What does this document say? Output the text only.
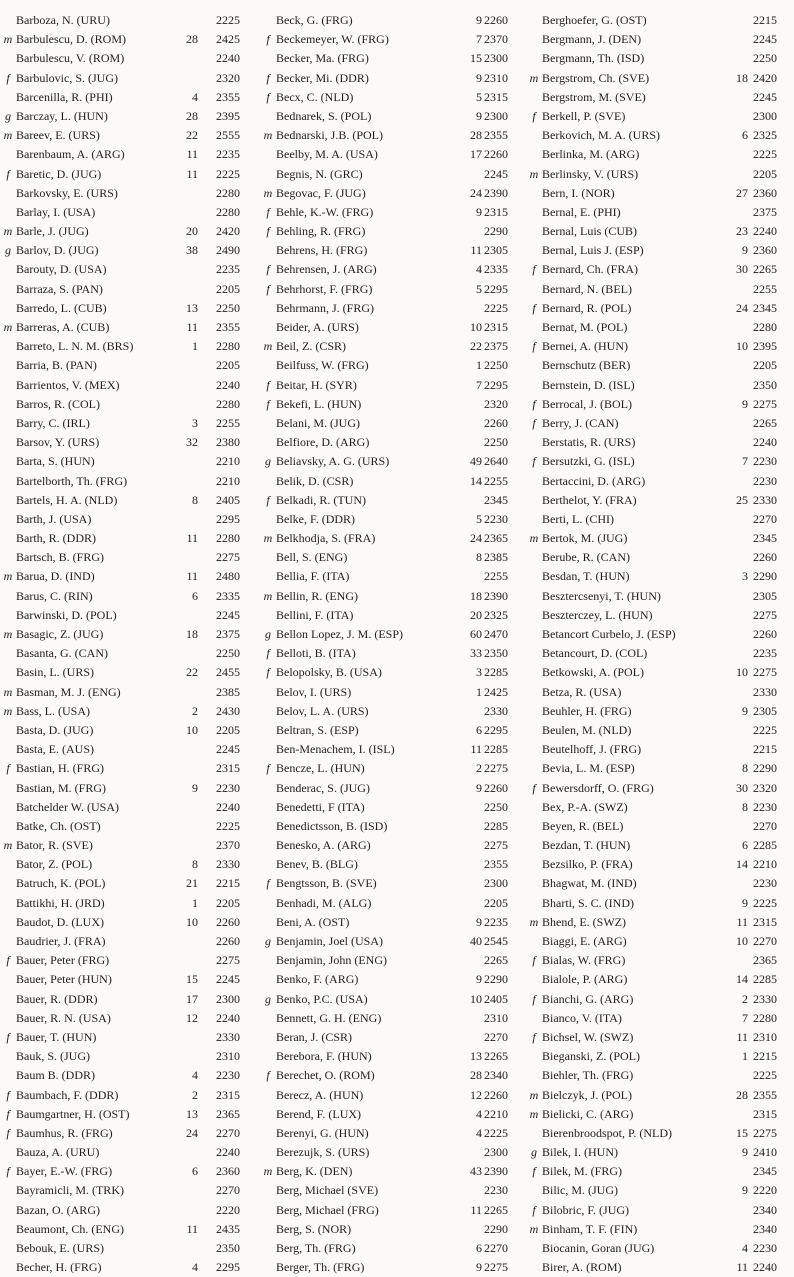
Barboza, N. (URU)	2225
m Barbulescu, D. (ROM)	28 2425
Barbulescu, V. (ROM)	2240
f Barbulovic, S. (JUG)	2320
Barcenilla, R. (PHI)	4 2355
g Barczay, L. (HUN)	28 2395
m Bareev, E. (URS)	22 2555
Barenbaum, A. (ARG)	11 2235
f Baretic, D. (JUG)	11 2225
Barkovsky, E. (URS)	2280
Barlay, I. (USA)	2280
m Barle, J. (JUG)	20 2420
g Barlov, D. (JUG)	38 2490
Barouty, D. (USA)	2235
Barraza, S. (PAN)	2205
Barredo, L. (CUB)	13 2250
m Barreras, A. (CUB)	11 2355
Barreto, L. N. M. (BRS)	1 2280
Barria, B. (PAN)	2205
Barrientos, V. (MEX)	2240
Barros, R. (COL)	2280
Barry, C. (IRL)	3 2255
Barsov, Y. (URS)	32 2380
Barta, S. (HUN)	2210
Bartelborth, Th. (FRG)	2210
Bartels, H. A. (NLD)	8 2405
Barth, J. (USA)	2295
Barth, R. (DDR)	11 2280
Bartsch, B. (FRG)	2275
m Barua, D. (IND)	11 2480
Barus, C. (RIN)	6 2335
Barwinski, D. (POL)	2245
m Basagic, Z. (JUG)	18 2375
Basanta, G. (CAN)	2250
Basin, L. (URS)	22 2455
m Basman, M. J. (ENG)	2385
m Bass, L. (USA)	2 2430
Basta, D. (JUG)	10 2205
Basta, E. (AUS)	2245
f Bastian, H. (FRG)	2315
Bastian, M. (FRG)	9 2230
Batchelder W. (USA)	2240
Batke, Ch. (OST)	2225
m Bator, R. (SVE)	2370
Bator, Z. (POL)	8 2330
Batruch, K. (POL)	21 2215
Battikhi, H. (JRD)	1 2205
Baudot, D. (LUX)	10 2260
Baudrier, J. (FRA)	2260
f Bauer, Peter (FRG)	2275
Bauer, Peter (HUN)	15 2245
Bauer, R. (DDR)	17 2300
Bauer, R. N. (USA)	12 2240
f Bauer, T. (HUN)	2330
Bauk, S. (JUG)	2310
Baum B. (DDR)	4 2230
f Baumbach, F. (DDR)	2 2315
f Baumgartner, H. (OST)	13 2365
f Baumhus, R. (FRG)	24 2270
Bauza, A. (URU)	2240
f Bayer, E.-W. (FRG)	6 2360
Bayramicli, M. (TRK)	2270
Bazan, O. (ARG)	2220
Beaumont, Ch. (ENG)	11 2435
Bebouk, E. (URS)	2350
Becher, H. (FRG)	4 2295
Beck, G. (FRG)	9 2260
f Beckemeyer, W. (FRG)	7 2370
Becker, Ma. (FRG)	15 2300
f Becker, Mi. (DDR)	9 2310
f Becx, C. (NLD)	5 2315
Bednarek, S. (POL)	9 2300
m Bednarski, J.B. (POL)	28 2355
Beelby, M. A. (USA)	17 2260
Begnis, N. (GRC)	2245
m Begovac, F. (JUG)	24 2390
f Behle, K.-W. (FRG)	9 2315
f Behling, R. (FRG)	2290
Behrens, H. (FRG)	11 2305
f Behrensen, J. (ARG)	4 2335
f Behrhorst, F. (FRG)	5 2295
Behrmann, J. (FRG)	2225
Beider, A. (URS)	10 2315
m Beil, Z. (CSR)	22 2375
Beilfuss, W. (FRG)	1 2250
f Beitar, H. (SYR)	7 2295
f Bekefi, L. (HUN)	2320
Belani, M. (JUG)	2260
Belfiore, D. (ARG)	2250
g Beliavsky, A. G. (URS)	49 2640
Belik, D. (CSR)	14 2255
f Belkadi, R. (TUN)	2345
Belke, F. (DDR)	5 2230
m Belkhodja, S. (FRA)	24 2365
Bell, S. (ENG)	8 2385
Bellia, F. (ITA)	2255
m Bellin, R. (ENG)	18 2390
Bellini, F. (ITA)	20 2325
g Bellon Lopez, J. M. (ESP)	60 2470
f Belloti, B. (ITA)	33 2350
f Belopolsky, B. (USA)	3 2285
Belov, I. (URS)	1 2425
Belov, L. A. (URS)	2330
Beltran, S. (ESP)	6 2295
Ben-Menachem, I. (ISL)	11 2285
f Bencze, L. (HUN)	2 2275
Benderac, S. (JUG)	9 2260
Benedetti, F (ITA)	2250
Benedictsson, B. (ISD)	2285
Benesko, A. (ARG)	2275
Benev, B. (BLG)	2355
f Bengtsson, B. (SVE)	2300
Benhadi, M. (ALG)	2205
Beni, A. (OST)	9 2235
g Benjamin, Joel (USA)	40 2545
Benjamin, John (ENG)	2265
Benko, F. (ARG)	9 2290
g Benko, P.C. (USA)	10 2405
Bennett, G. H. (ENG)	2310
Beran, J. (CSR)	2270
Berebora, F. (HUN)	13 2265
f Berechet, O. (ROM)	28 2340
Berecz, A. (HUN)	12 2260
Berend, F. (LUX)	4 2210
Berenyi, G. (HUN)	4 2225
Berezujk, S. (URS)	2300
m Berg, K. (DEN)	43 2390
Berg, Michael (SVE)	2230
Berg, Michael (FRG)	11 2265
Berg, S. (NOR)	2290
Berg, Th. (FRG)	6 2270
Berger, Th. (FRG)	9 2275
Berghoefer, G. (OST)	2215
Bergmann, J. (DEN)	2245
Bergmann, Th. (ISD)	2250
m Bergstrom, Ch. (SVE)	18 2420
Bergstrom, M. (SVE)	2245
f Berkell, P. (SVE)	2300
Berkovich, M. A. (URS)	6 2325
Berlinka, M. (ARG)	2225
m Berlinsky, V. (URS)	2205
Bern, I. (NOR)	27 2360
Bernal, E. (PHI)	2375
Bernal, Luis (CUB)	23 2240
Bernal, Luis J. (ESP)	9 2360
f Bernard, Ch. (FRA)	30 2265
Bernard, N. (BEL)	2255
f Bernard, R. (POL)	24 2345
Bernat, M. (POL)	2280
f Bernei, A. (HUN)	10 2395
Bernschutz (BER)	2205
Bernstein, D. (ISL)	2350
f Berrocal, J. (BOL)	9 2275
f Berry, J. (CAN)	2265
Berstatis, R. (URS)	2240
f Bersutzki, G. (ISL)	7 2230
Bertaccini, D. (ARG)	2230
Berthelot, Y. (FRA)	25 2330
Berti, L. (CHI)	2270
m Bertok, M. (JUG)	2345
Berube, R. (CAN)	2260
Besdan, T. (HUN)	3 2290
Besztercsenyi, T. (HUN)	2305
Beszterczey, L. (HUN)	2275
Betancort Curbelo, J. (ESP)	2260
Betancourt, D. (COL)	2235
Betkowski, A. (POL)	10 2275
Betza, R. (USA)	2330
Beuhler, H. (FRG)	9 2305
Beulen, M. (NLD)	2225
Beutelhoff, J. (FRG)	2215
Bevia, L. M. (ESP)	8 2290
f Bewersdorff, O. (FRG)	30 2320
Bex, P.-A. (SWZ)	8 2230
Beyen, R. (BEL)	2270
Bezdan, T. (HUN)	6 2285
Bezsilko, P. (FRA)	14 2210
Bhagwat, M. (IND)	2230
Bharti, S. C. (IND)	9 2225
m Bhend, E. (SWZ)	11 2315
Biaggi, E. (ARG)	10 2270
f Bialas, W. (FRG)	2365
Bialole, P. (ARG)	14 2285
f Bianchi, G. (ARG)	2 2330
Bianco, V. (ITA)	7 2280
f Bichsel, W. (SWZ)	11 2310
Bieganski, Z. (POL)	1 2215
Biehler, Th. (FRG)	2225
m Bielczyk, J. (POL)	28 2355
m Bielicki, C. (ARG)	2315
Bierenbroodspot, P. (NLD)	15 2275
g Bilek, I. (HUN)	9 2410
f Bilek, M. (FRG)	2345
Bilic, M. (JUG)	9 2220
f Bilobric, F. (JUG)	2340
m Binham, T. F. (FIN)	2340
Biocanin, Goran (JUG)	4 2230
Birer, A. (ROM)	11 2240
